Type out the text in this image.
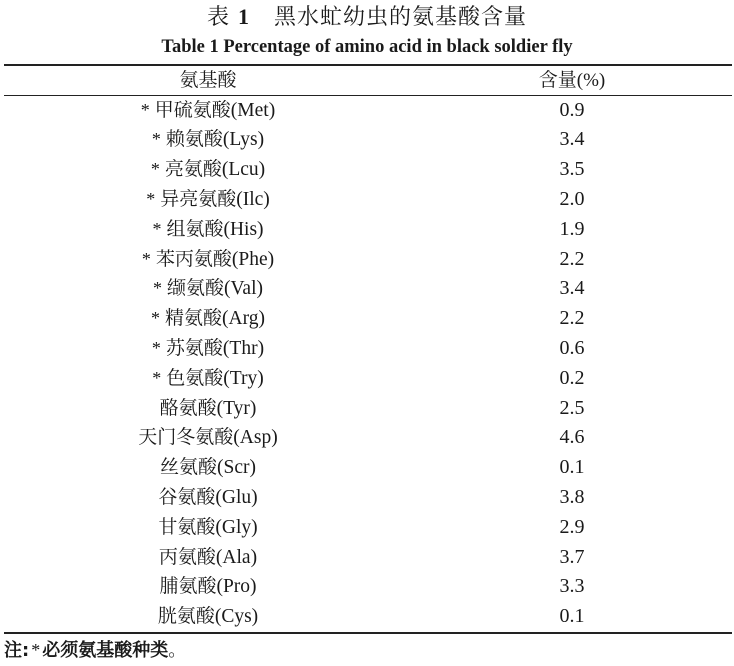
表 1 黑水虻幼虫的氨基酸含量
Table 1 Percentage of amino acid in black soldier fly
氨基酸	含量(%)
* 甲硫氨酸(Met)	0.9
* 赖氨酸(Lys)	3.4
* 亮氨酸(Lcu)	3.5
* 异亮氨酸(Ilc)	2.0
* 组氨酸(His)	1.9
* 苯丙氨酸(Phe)	2.2
* 缬氨酸(Val)	3.4
* 精氨酸(Arg)	2.2
* 苏氨酸(Thr)	0.6
* 色氨酸(Try)	0.2
酪氨酸(Tyr)	2.5
天门冬氨酸(Asp)	4.6
丝氨酸(Scr)	0.1
谷氨酸(Glu)	3.8
甘氨酸(Gly)	2.9
丙氨酸(Ala)	3.7
脯氨酸(Pro)	3.3
胱氨酸(Cys)	0.1
注: * 必须氨基酸种类。
